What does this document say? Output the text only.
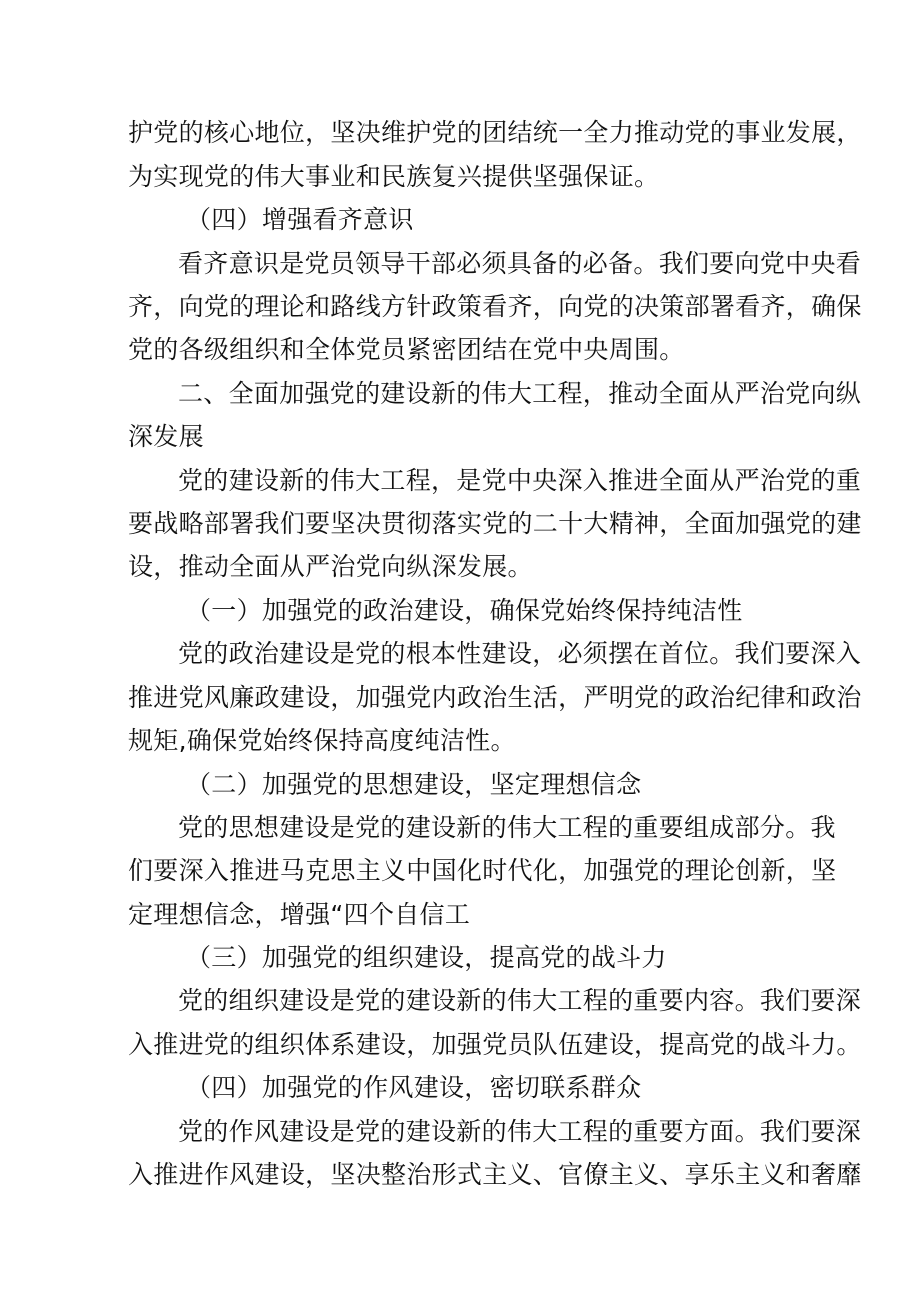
护党的核心地位，坚决维护党的团结统一全力推动党的事业发展，
为实现党的伟大事业和民族复兴提供坚强保证。
（四）增强看齐意识
看齐意识是党员领导干部必须具备的必备。我们要向党中央看
齐，向党的理论和路线方针政策看齐，向党的决策部署看齐，确保
党的各级组织和全体党员紧密团结在党中央周围。
二、全面加强党的建设新的伟大工程，推动全面从严治党向纵
深发展
党的建设新的伟大工程，是党中央深入推进全面从严治党的重
要战略部署我们要坚决贯彻落实党的二十大精神，全面加强党的建
设，推动全面从严治党向纵深发展。
（一）加强党的政治建设，确保党始终保持纯洁性
党的政治建设是党的根本性建设，必须摆在首位。我们要深入
推进党风廉政建设，加强党内政治生活，严明党的政治纪律和政治
规矩,确保党始终保持高度纯洁性。
（二）加强党的思想建设，坚定理想信念
党的思想建设是党的建设新的伟大工程的重要组成部分。我
们要深入推进马克思主义中国化时代化，加强党的理论创新，坚
定理想信念，增强“四个自信工
（三）加强党的组织建设，提高党的战斗力
党的组织建设是党的建设新的伟大工程的重要内容。我们要深
入推进党的组织体系建设，加强党员队伍建设，提高党的战斗力。
（四）加强党的作风建设，密切联系群众
党的作风建设是党的建设新的伟大工程的重要方面。我们要深
入推进作风建设，坚决整治形式主义、官僚主义、享乐主义和奢靡
